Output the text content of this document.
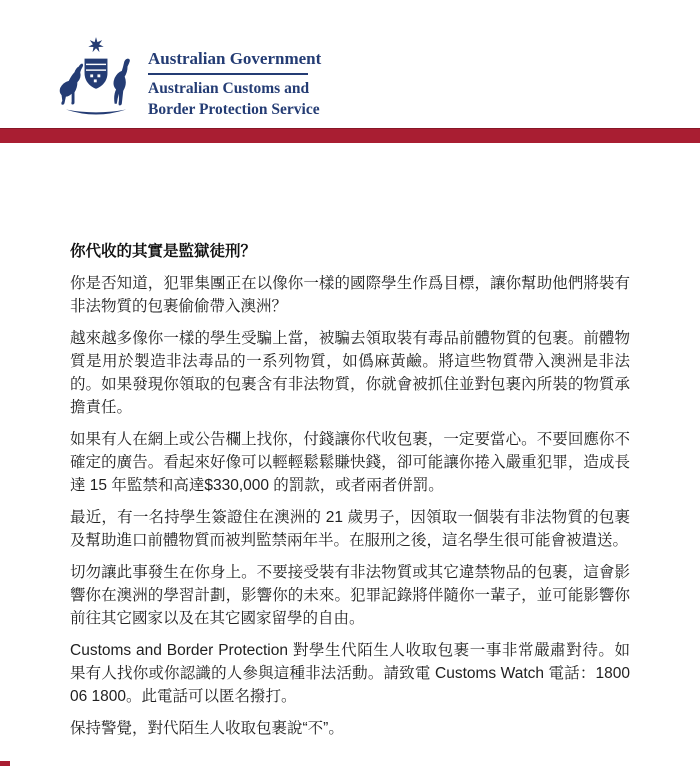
Australian Government
Australian Customs and
Border Protection Service
你代收的其實是監獄徒刑？

你是否知道，犯罪集團正在以像你一樣的國際學生作爲目標，讓你幫助他們將裝有非法物質的包裹偷偷帶入澳洲？

越來越多像你一樣的學生受騙上當，被騙去領取裝有毒品前體物質的包裹。前體物質是用於製造非法毒品的一系列物質，如僞麻黃鹼。將這些物質帶入澳洲是非法的。如果發現你領取的包裹含有非法物質，你就會被抓住並對包裹內所裝的物質承擔責任。

如果有人在網上或公告欄上找你，付錢讓你代收包裹，一定要當心。不要回應你不確定的廣告。看起來好像可以輕輕鬆鬆賺快錢，卻可能讓你捲入嚴重犯罪，造成長達 15 年監禁和高達$330,000 的罰款，或者兩者併罰。

最近，有一名持學生簽證住在澳洲的 21 歲男子，因領取一個裝有非法物質的包裹及幫助進口前體物質而被判監禁兩年半。在服刑之後，這名學生很可能會被遣送。

切勿讓此事發生在你身上。不要接受裝有非法物質或其它違禁物品的包裹，這會影響你在澳洲的學習計劃，影響你的未來。犯罪記錄將伴隨你一輩子，並可能影響你前往其它國家以及在其它國家留學的自由。

Customs and Border Protection 對學生代陌生人收取包裹一事非常嚴肅對待。如果有人找你或你認識的人參與這種非法活動。請致電 Customs Watch 電話：1800 06 1800。此電話可以匿名撥打。

保持警覺，對代陌生人收取包裹說“不”。
